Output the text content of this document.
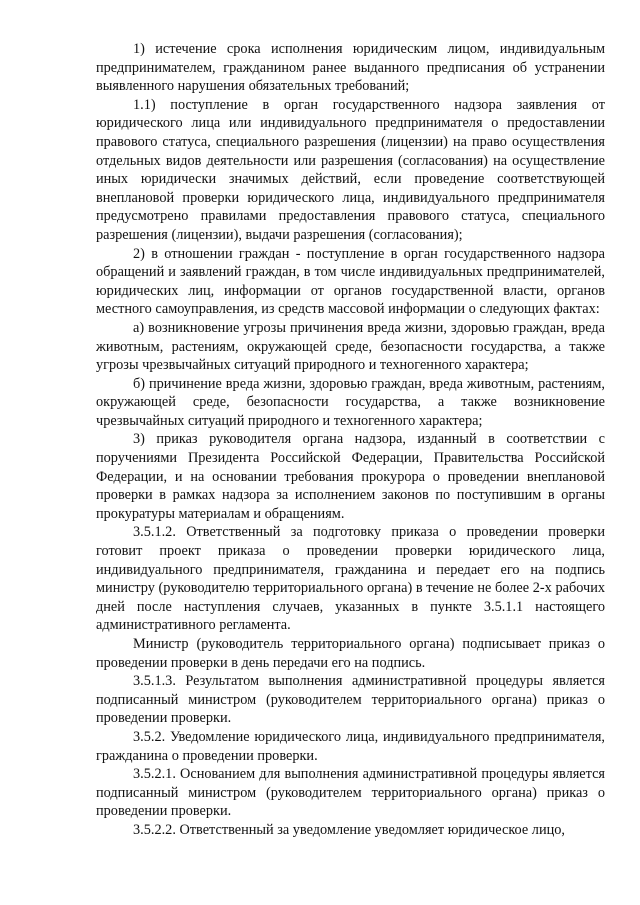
1) истечение срока исполнения юридическим лицом, индивидуальным предпринимателем, гражданином ранее выданного предписания об устранении выявленного нарушения обязательных требований;

1.1) поступление в орган государственного надзора заявления от юридического лица или индивидуального предпринимателя о предоставлении правового статуса, специального разрешения (лицензии) на право осуществления отдельных видов деятельности или разрешения (согласования) на осуществление иных юридически значимых действий, если проведение соответствующей внеплановой проверки юридического лица, индивидуального предпринимателя предусмотрено правилами предоставления правового статуса, специального разрешения (лицензии), выдачи разрешения (согласования);

2) в отношении граждан - поступление в орган государственного надзора обращений и заявлений граждан, в том числе индивидуальных предпринимателей, юридических лиц, информации от органов государственной власти, органов местного самоуправления, из средств массовой информации о следующих фактах:

а) возникновение угрозы причинения вреда жизни, здоровью граждан, вреда животным, растениям, окружающей среде, безопасности государства, а также угрозы чрезвычайных ситуаций природного и техногенного характера;

б) причинение вреда жизни, здоровью граждан, вреда животным, растениям, окружающей среде, безопасности государства, а также возникновение чрезвычайных ситуаций природного и техногенного характера;

3) приказ руководителя органа надзора, изданный в соответствии с поручениями Президента Российской Федерации, Правительства Российской Федерации, и на основании требования прокурора о проведении внеплановой проверки в рамках надзора за исполнением законов по поступившим в органы прокуратуры материалам и обращениям.

3.5.1.2. Ответственный за подготовку приказа о проведении проверки готовит проект приказа о проведении проверки юридического лица, индивидуального предпринимателя, гражданина и передает его на подпись министру (руководителю территориального органа) в течение не более 2-х рабочих дней после наступления случаев, указанных в пункте 3.5.1.1 настоящего административного регламента.

Министр (руководитель территориального органа) подписывает приказ о проведении проверки в день передачи его на подпись.

3.5.1.3. Результатом выполнения административной процедуры является подписанный министром (руководителем территориального органа) приказ о проведении проверки.

3.5.2. Уведомление юридического лица, индивидуального предпринимателя, гражданина о проведении проверки.

3.5.2.1. Основанием для выполнения административной процедуры является подписанный министром (руководителем территориального органа) приказ о проведении проверки.

3.5.2.2. Ответственный за уведомление уведомляет юридическое лицо,
